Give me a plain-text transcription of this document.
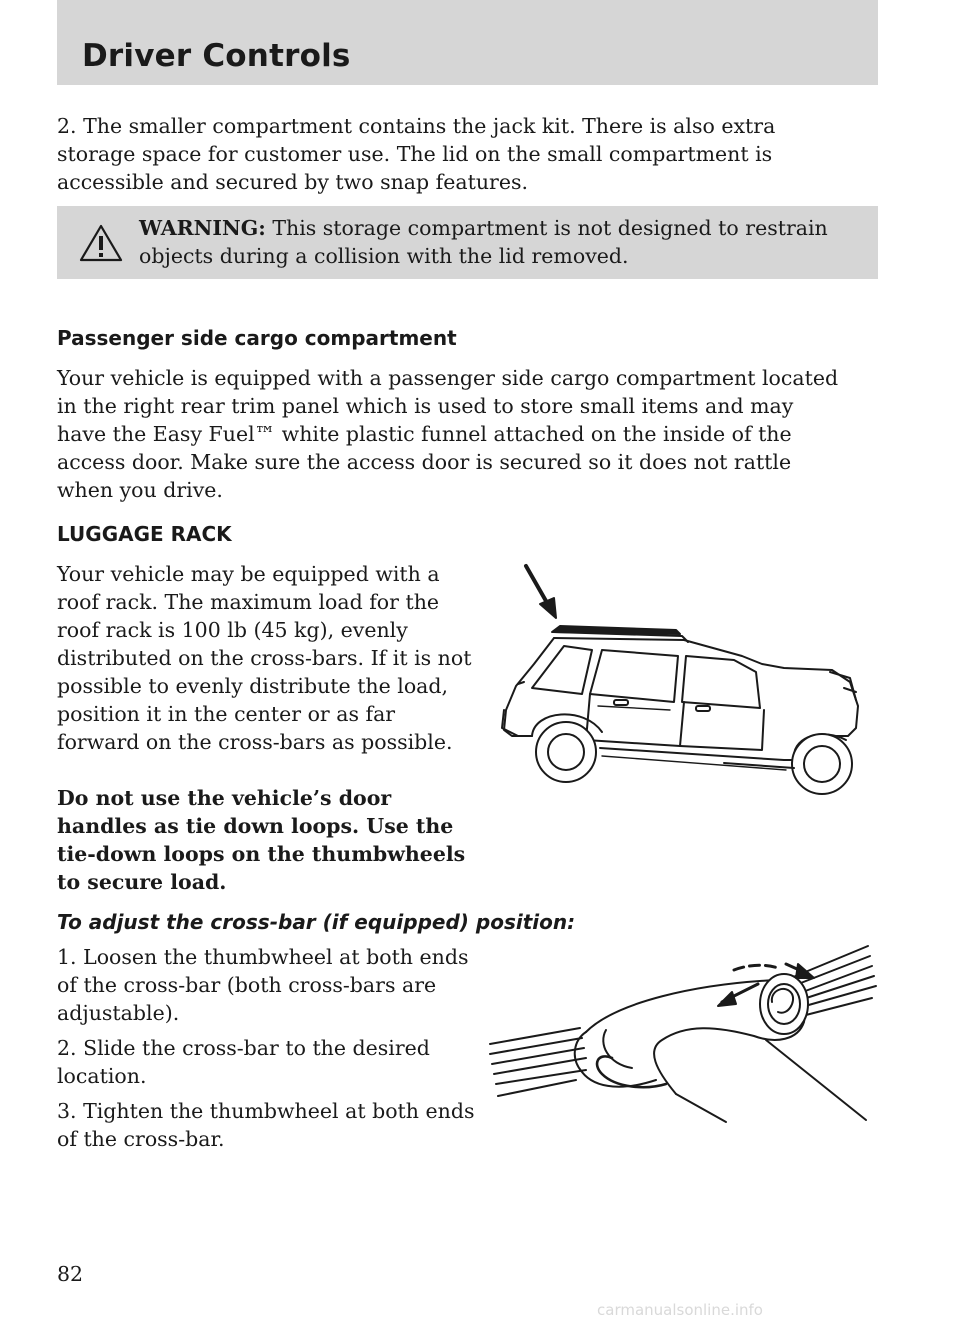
Driver Controls

2. The smaller compartment contains the jack kit. There is also extra storage space for customer use. The lid on the small compartment is accessible and secured by two snap features.

WARNING: This storage compartment is not designed to restrain objects during a collision with the lid removed.

Passenger side cargo compartment

Your vehicle is equipped with a passenger side cargo compartment located in the right rear trim panel which is used to store small items and may have the Easy Fuel™ white plastic funnel attached on the inside of the access door. Make sure the access door is secured so it does not rattle when you drive.

LUGGAGE RACK

Your vehicle may be equipped with a roof rack. The maximum load for the roof rack is 100 lb (45 kg), evenly distributed on the cross-bars. If it is not possible to evenly distribute the load, position it in the center or as far forward on the cross-bars as possible.

Do not use the vehicle’s door handles as tie down loops. Use the tie-down loops on the thumbwheels to secure load.

To adjust the cross-bar (if equipped) position:

1. Loosen the thumbwheel at both ends of the cross-bar (both cross-bars are adjustable).

2. Slide the cross-bar to the desired location.

3. Tighten the thumbwheel at both ends of the cross-bar.

82
carmanualsonline.info
